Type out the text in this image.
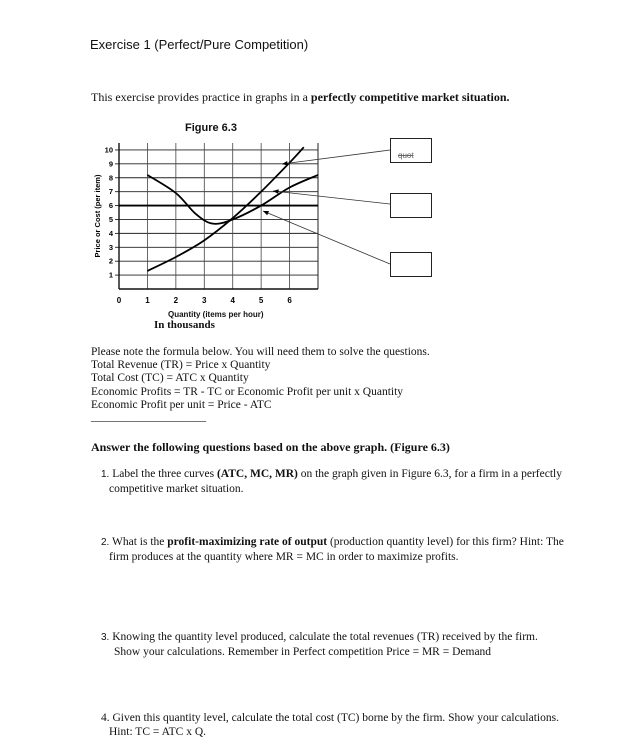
Exercise 1 (Perfect/Pure Competition)
This exercise provides practice in graphs in a perfectly competitive market situation.
Figure 6.3
1
2
3
4
5
6
7
8
9
10
0	1	2	3	4	5	6
Price or Cost (per item)
quot
Quantity (items per hour)
In thousands
Please note the formula below. You will need them to solve the questions.
Total Revenue (TR) = Price x Quantity
Total Cost (TC) = ATC x Quantity
Economic Profits = TR - TC or Economic Profit per unit x Quantity
Economic Profit per unit = Price - ATC
____________________
Answer the following questions based on the above graph. (Figure 6.3)
1. Label the three curves (ATC, MC, MR) on the graph given in Figure 6.3, for a firm in a perfectly
competitive market situation.
2. What is the profit-maximizing rate of output (production quantity level) for this firm? Hint: The
firm produces at the quantity where MR = MC in order to maximize profits.
3. Knowing the quantity level produced, calculate the total revenues (TR) received by the firm.
Show your calculations. Remember in Perfect competition Price = MR = Demand
4. Given this quantity level, calculate the total cost (TC) borne by the firm. Show your calculations.
Hint: TC = ATC x Q.
